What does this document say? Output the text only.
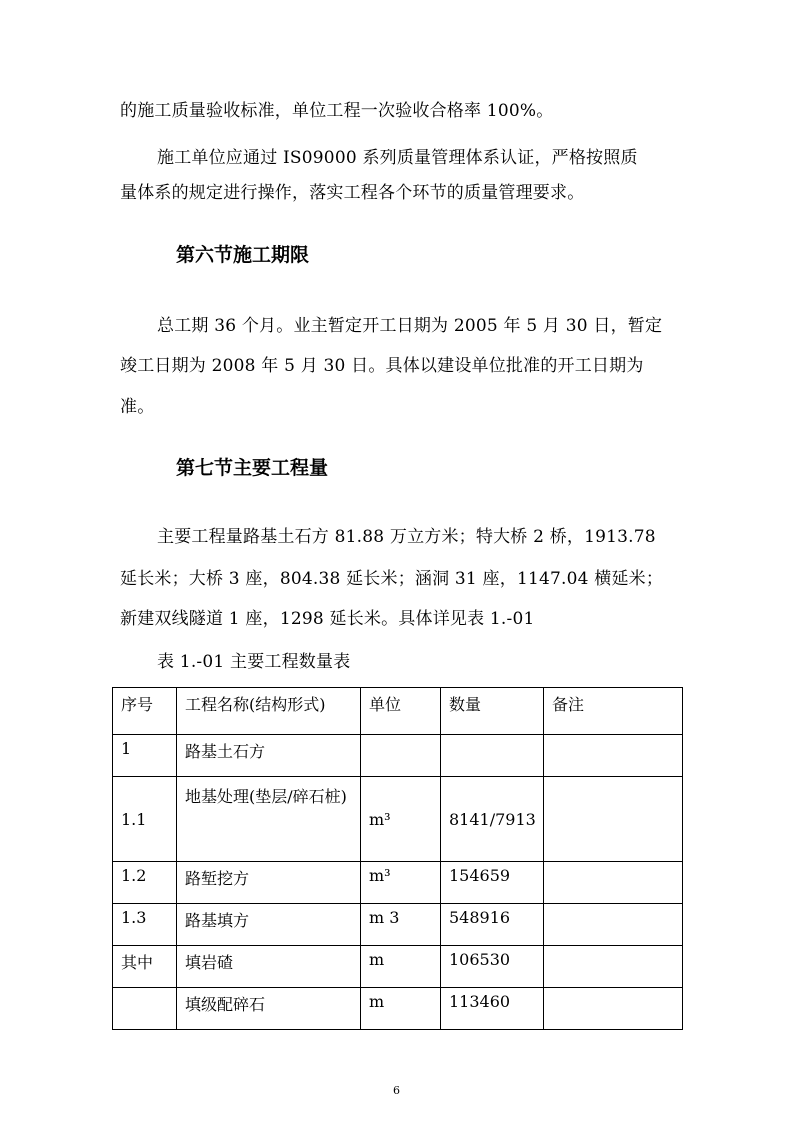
的施工质量验收标准，单位工程一次验收合格率 100%。
施工单位应通过 IS09000 系列质量管理体系认证，严格按照质
量体系的规定进行操作，落实工程各个环节的质量管理要求。
第六节施工期限
总工期 36 个月。业主暂定开工日期为 2005 年 5 月 30 日，暂定
竣工日期为 2008 年 5 月 30 日。具体以建设单位批准的开工日期为
准。
第七节主要工程量
主要工程量路基土石方 81.88 万立方米；特大桥 2 桥，1913.78
延长米；大桥 3 座，804.38 延长米；涵洞 31 座，1147.04 横延米；
新建双线隧道 1 座，1298 延长米。具体详见表 1.-01
表 1.-01 主要工程数量表
序号	工程名称(结构形式)	单位	数量	备注
1	路基土石方			
1.1	地基处理(垫层/碎石桩)	m³	8141/7913	
1.2	路堑挖方	m³	154659	
1.3	路基填方	m 3	548916	
其中	填岩碴	m	106530	
	填级配碎石	m	113460	
6
